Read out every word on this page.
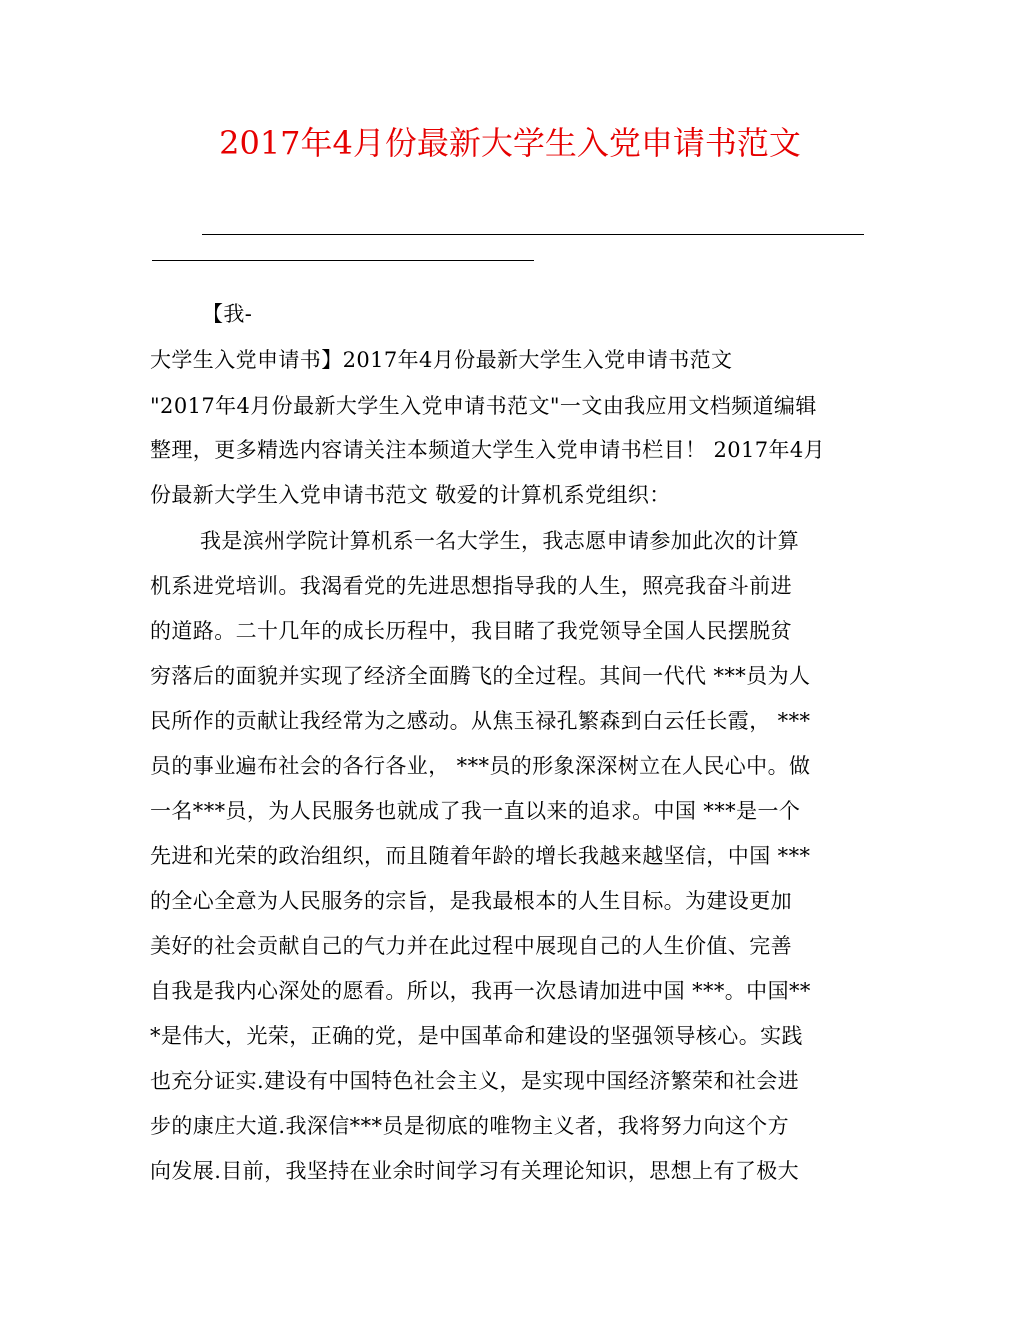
2017年4月份最新大学生入党申请书范文
【我-
大学生入党申请书】2017年4月份最新大学生入党申请书范文
"2017年4月份最新大学生入党申请书范文"一文由我应用文档频道编辑
整理，更多精选内容请关注本频道大学生入党申请书栏目！ 2017年4月
份最新大学生入党申请书范文 敬爱的计算机系党组织：
我是滨州学院计算机系一名大学生，我志愿申请参加此次的计算
机系进党培训。我渴看党的先进思想指导我的人生，照亮我奋斗前进
的道路。二十几年的成长历程中，我目睹了我党领导全国人民摆脱贫
穷落后的面貌并实现了经济全面腾飞的全过程。其间一代代 ***员为人
民所作的贡献让我经常为之感动。从焦玉禄孔繁森到白云任长霞， ***
员的事业遍布社会的各行各业， ***员的形象深深树立在人民心中。做
一名***员，为人民服务也就成了我一直以来的追求。中国 ***是一个
先进和光荣的政治组织，而且随着年龄的增长我越来越坚信，中国 ***
的全心全意为人民服务的宗旨，是我最根本的人生目标。为建设更加
美好的社会贡献自己的气力并在此过程中展现自己的人生价值、完善
自我是我内心深处的愿看。所以，我再一次恳请加进中国 ***。中国**
*是伟大，光荣，正确的党，是中国革命和建设的坚强领导核心。实践
也充分证实.建设有中国特色社会主义，是实现中国经济繁荣和社会进
步的康庄大道.我深信***员是彻底的唯物主义者，我将努力向这个方
向发展.目前，我坚持在业余时间学习有关理论知识，思想上有了极大
